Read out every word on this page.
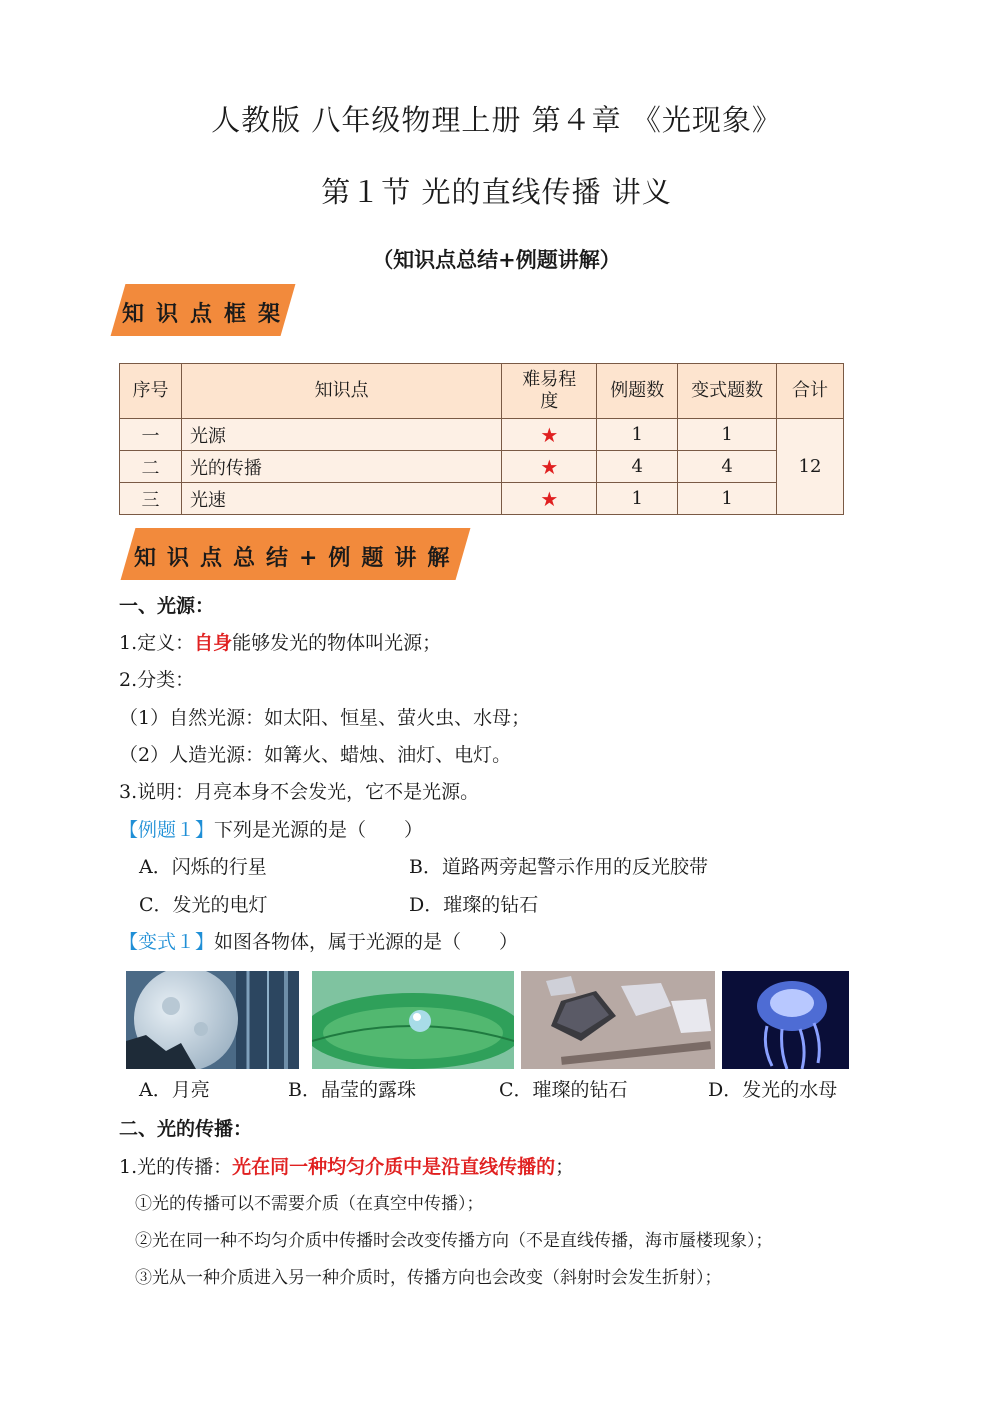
人教版 八年级物理上册 第４章 《光现象》
第１节 光的直线传播 讲义
（知识点总结+例题讲解）
知识点框架
序号	知识点	难易程度	例题数	变式题数	合计
一	光源	★	1	1	12
二	光的传播	★	4	4	
三	光速	★	1	1	
知识点总结+例题讲解
一、光源：
1.定义：自身能够发光的物体叫光源；
2.分类：
（1）自然光源：如太阳、恒星、萤火虫、水母；
（2）人造光源：如篝火、蜡烛、油灯、电灯。
3.说明：月亮本身不会发光，它不是光源。
【例题１】下列是光源的是（　　）
A．闪烁的行星	B．道路两旁起警示作用的反光胶带
C．发光的电灯	D．璀璨的钻石
【变式１】如图各物体，属于光源的是（　　）
A．月亮	B．晶莹的露珠	C．璀璨的钻石	D．发光的水母
二、光的传播：
1.光的传播：光在同一种均匀介质中是沿直线传播的；
①光的传播可以不需要介质（在真空中传播）；
②光在同一种不均匀介质中传播时会改变传播方向（不是直线传播，海市蜃楼现象）；
③光从一种介质进入另一种介质时，传播方向也会改变（斜射时会发生折射）；
